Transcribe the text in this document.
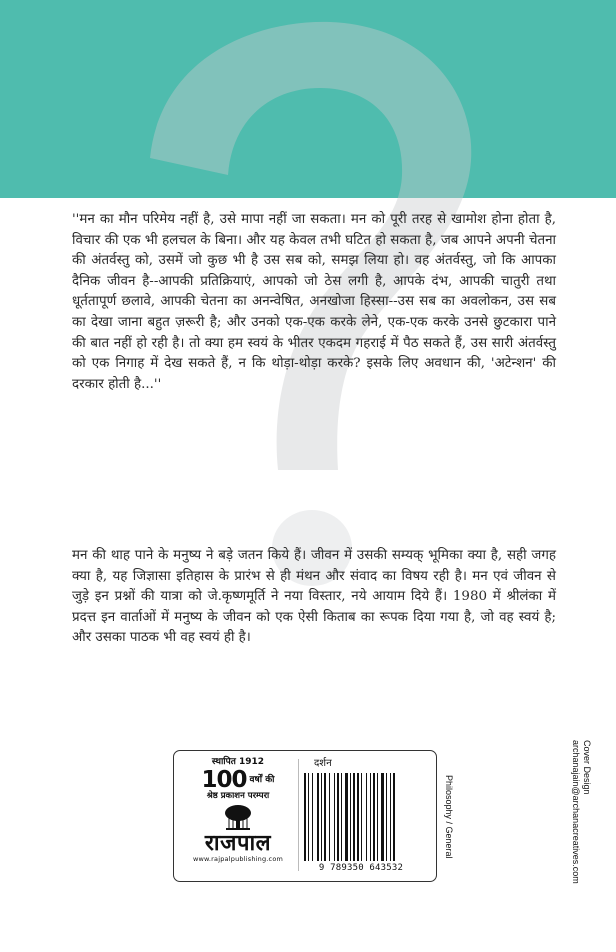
''मन का मौन परिमेय नहीं है, उसे मापा नहीं जा सकता। मन को पूरी तरह से खामोश होना होता है, विचार की एक भी हलचल के बिना। और यह केवल तभी घटित हो सकता है, जब आपने अपनी चेतना की अंतर्वस्तु को, उसमें जो कुछ भी है उस सब को, समझ लिया हो। वह अंतर्वस्तु, जो कि आपका दैनिक जीवन है--आपकी प्रतिक्रियाएं, आपको जो ठेस लगी है, आपके दंभ, आपकी चातुरी तथा धूर्ततापूर्ण छलावे, आपकी चेतना का अनन्वेषित, अनखोजा हिस्सा--उस सब का अवलोकन, उस सब का देखा जाना बहुत ज़रूरी है; और उनको एक-एक करके लेने, एक-एक करके उनसे छुटकारा पाने की बात नहीं हो रही है। तो क्या हम स्वयं के भीतर एकदम गहराई में पैठ सकते हैं, उस सारी अंतर्वस्तु को एक निगाह में देख सकते हैं, न कि थोड़ा-थोड़ा करके? इसके लिए अवधान की, 'अटेन्शन' की दरकार होती है...''

मन की थाह पाने के मनुष्य ने बड़े जतन किये हैं। जीवन में उसकी सम्यक् भूमिका क्या है, सही जगह क्या है, यह जिज्ञासा इतिहास के प्रारंभ से ही मंथन और संवाद का विषय रही है। मन एवं जीवन से जुड़े इन प्रश्नों की यात्रा को जे.कृष्णमूर्ति ने नया विस्तार, नये आयाम दिये हैं। 1980 में श्रीलंका में प्रदत्त इन वार्ताओं में मनुष्य के जीवन को एक ऐसी किताब का रूपक दिया गया है, जो वह स्वयं है; और उसका पाठक भी वह स्वयं ही है।

स्थापित 1912
100 वर्षों की
श्रेष्ठ प्रकाशन परम्परा
राजपाल
www.rajpalpublishing.com
दर्शन
9 789350 643532
Philosophy / General
Cover Design
archanajain@archanacreatives.com
